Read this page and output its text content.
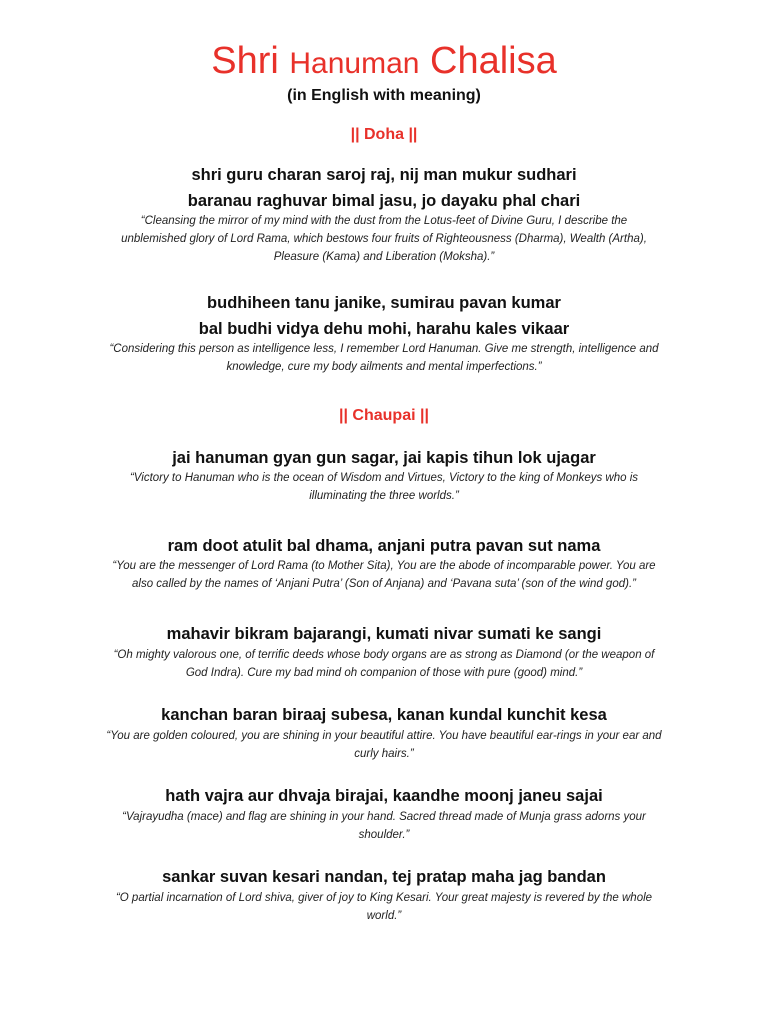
Shri Hanuman Chalisa

(in English with meaning)

|| Doha ||

shri guru charan saroj raj, nij man mukur sudhari

baranau raghuvar bimal jasu, jo dayaku phal chari

“Cleansing the mirror of my mind with the dust from the Lotus-feet of Divine Guru, I describe the

unblemished glory of Lord Rama, which bestows four fruits of Righteousness (Dharma), Wealth (Artha),

Pleasure (Kama) and Liberation (Moksha).”

budhiheen tanu janike, sumirau pavan kumar

bal budhi vidya dehu mohi, harahu kales vikaar

“Considering this person as intelligence less, I remember Lord Hanuman. Give me strength, intelligence and

knowledge, cure my body ailments and mental imperfections.”

|| Chaupai ||

jai hanuman gyan gun sagar, jai kapis tihun lok ujagar

“Victory to Hanuman who is the ocean of Wisdom and Virtues, Victory to the king of Monkeys who is

illuminating the three worlds.”

ram doot atulit bal dhama, anjani putra pavan sut nama

“You are the messenger of Lord Rama (to Mother Sita), You are the abode of incomparable power. You are

also called by the names of ‘Anjani Putra’ (Son of Anjana) and ‘Pavana suta’ (son of the wind god).”

mahavir bikram bajarangi, kumati nivar sumati ke sangi

“Oh mighty valorous one, of terrific deeds whose body organs are as strong as Diamond (or the weapon of

God Indra). Cure my bad mind oh companion of those with pure (good) mind.”

kanchan baran biraaj subesa, kanan kundal kunchit kesa

“You are golden coloured, you are shining in your beautiful attire. You have beautiful ear-rings in your ear and

curly hairs.”

hath vajra aur dhvaja birajai, kaandhe moonj janeu sajai

“Vajrayudha (mace) and flag are shining in your hand. Sacred thread made of Munja grass adorns your

shoulder.”

sankar suvan kesari nandan, tej pratap maha jag bandan

“O partial incarnation of Lord shiva, giver of joy to King Kesari. Your great majesty is revered by the whole

world.”
